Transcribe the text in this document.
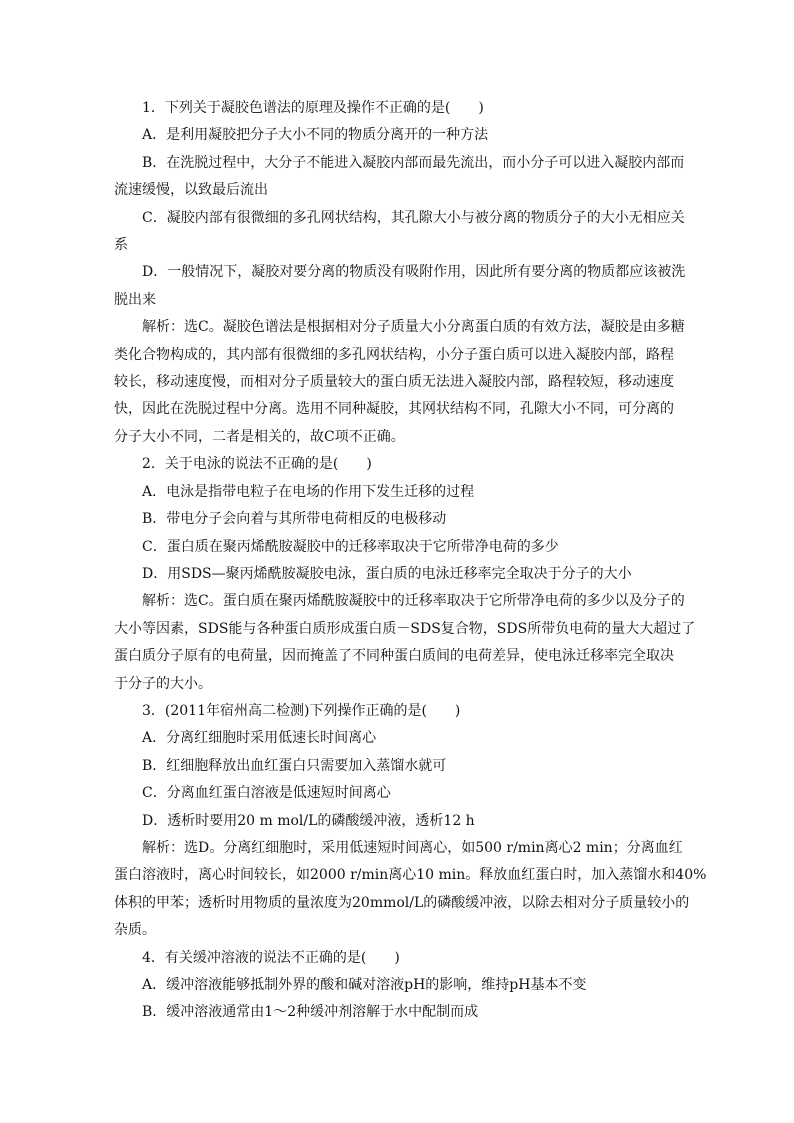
1．下列关于凝胶色谱法的原理及操作不正确的是(　　)
A．是利用凝胶把分子大小不同的物质分离开的一种方法
B．在洗脱过程中，大分子不能进入凝胶内部而最先流出，而小分子可以进入凝胶内部而
流速缓慢，以致最后流出
C．凝胶内部有很微细的多孔网状结构，其孔隙大小与被分离的物质分子的大小无相应关
系
D．一般情况下，凝胶对要分离的物质没有吸附作用，因此所有要分离的物质都应该被洗
脱出来
解析：选C。凝胶色谱法是根据相对分子质量大小分离蛋白质的有效方法，凝胶是由多糖
类化合物构成的，其内部有很微细的多孔网状结构，小分子蛋白质可以进入凝胶内部，路程
较长，移动速度慢，而相对分子质量较大的蛋白质无法进入凝胶内部，路程较短，移动速度
快，因此在洗脱过程中分离。选用不同种凝胶，其网状结构不同，孔隙大小不同，可分离的
分子大小不同，二者是相关的，故C项不正确。
2．关于电泳的说法不正确的是(　　)
A．电泳是指带电粒子在电场的作用下发生迁移的过程
B．带电分子会向着与其所带电荷相反的电极移动
C．蛋白质在聚丙烯酰胺凝胶中的迁移率取决于它所带净电荷的多少
D．用SDS—聚丙烯酰胺凝胶电泳，蛋白质的电泳迁移率完全取决于分子的大小
解析：选C。蛋白质在聚丙烯酰胺凝胶中的迁移率取决于它所带净电荷的多少以及分子的
大小等因素，SDS能与各种蛋白质形成蛋白质－SDS复合物，SDS所带负电荷的量大大超过了
蛋白质分子原有的电荷量，因而掩盖了不同种蛋白质间的电荷差异，使电泳迁移率完全取决
于分子的大小。
3．(2011年宿州高二检测)下列操作正确的是(　　)
A．分离红细胞时采用低速长时间离心
B．红细胞释放出血红蛋白只需要加入蒸馏水就可
C．分离血红蛋白溶液是低速短时间离心
D．透析时要用20 m mol/L的磷酸缓冲液，透析12 h
解析：选D。分离红细胞时，采用低速短时间离心，如500 r/min离心2 min；分离血红
蛋白溶液时，离心时间较长，如2000 r/min离心10 min。释放血红蛋白时，加入蒸馏水和40%
体积的甲苯；透析时用物质的量浓度为20mmol/L的磷酸缓冲液，以除去相对分子质量较小的
杂质。
4．有关缓冲溶液的说法不正确的是(　　)
A．缓冲溶液能够抵制外界的酸和碱对溶液pH的影响，维持pH基本不变
B．缓冲溶液通常由1～2种缓冲剂溶解于水中配制而成
